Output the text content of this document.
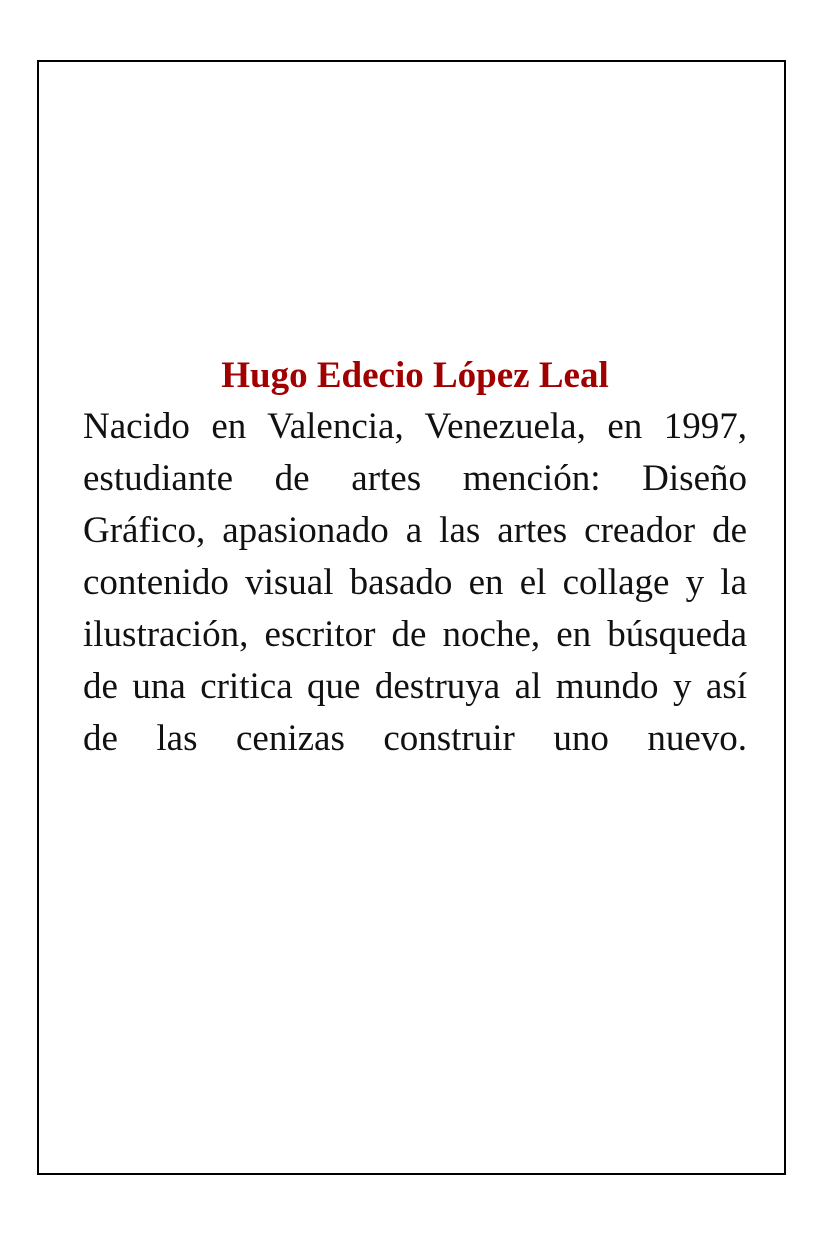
Hugo Edecio López Leal

Nacido en Valencia, Venezuela, en 1997, estudiante de artes mención: Diseño Gráfico, apasionado a las artes creador de contenido visual basado en el collage y la ilustración, escritor de noche, en búsqueda de una critica que destruya al mundo y así de las cenizas construir uno nuevo.
